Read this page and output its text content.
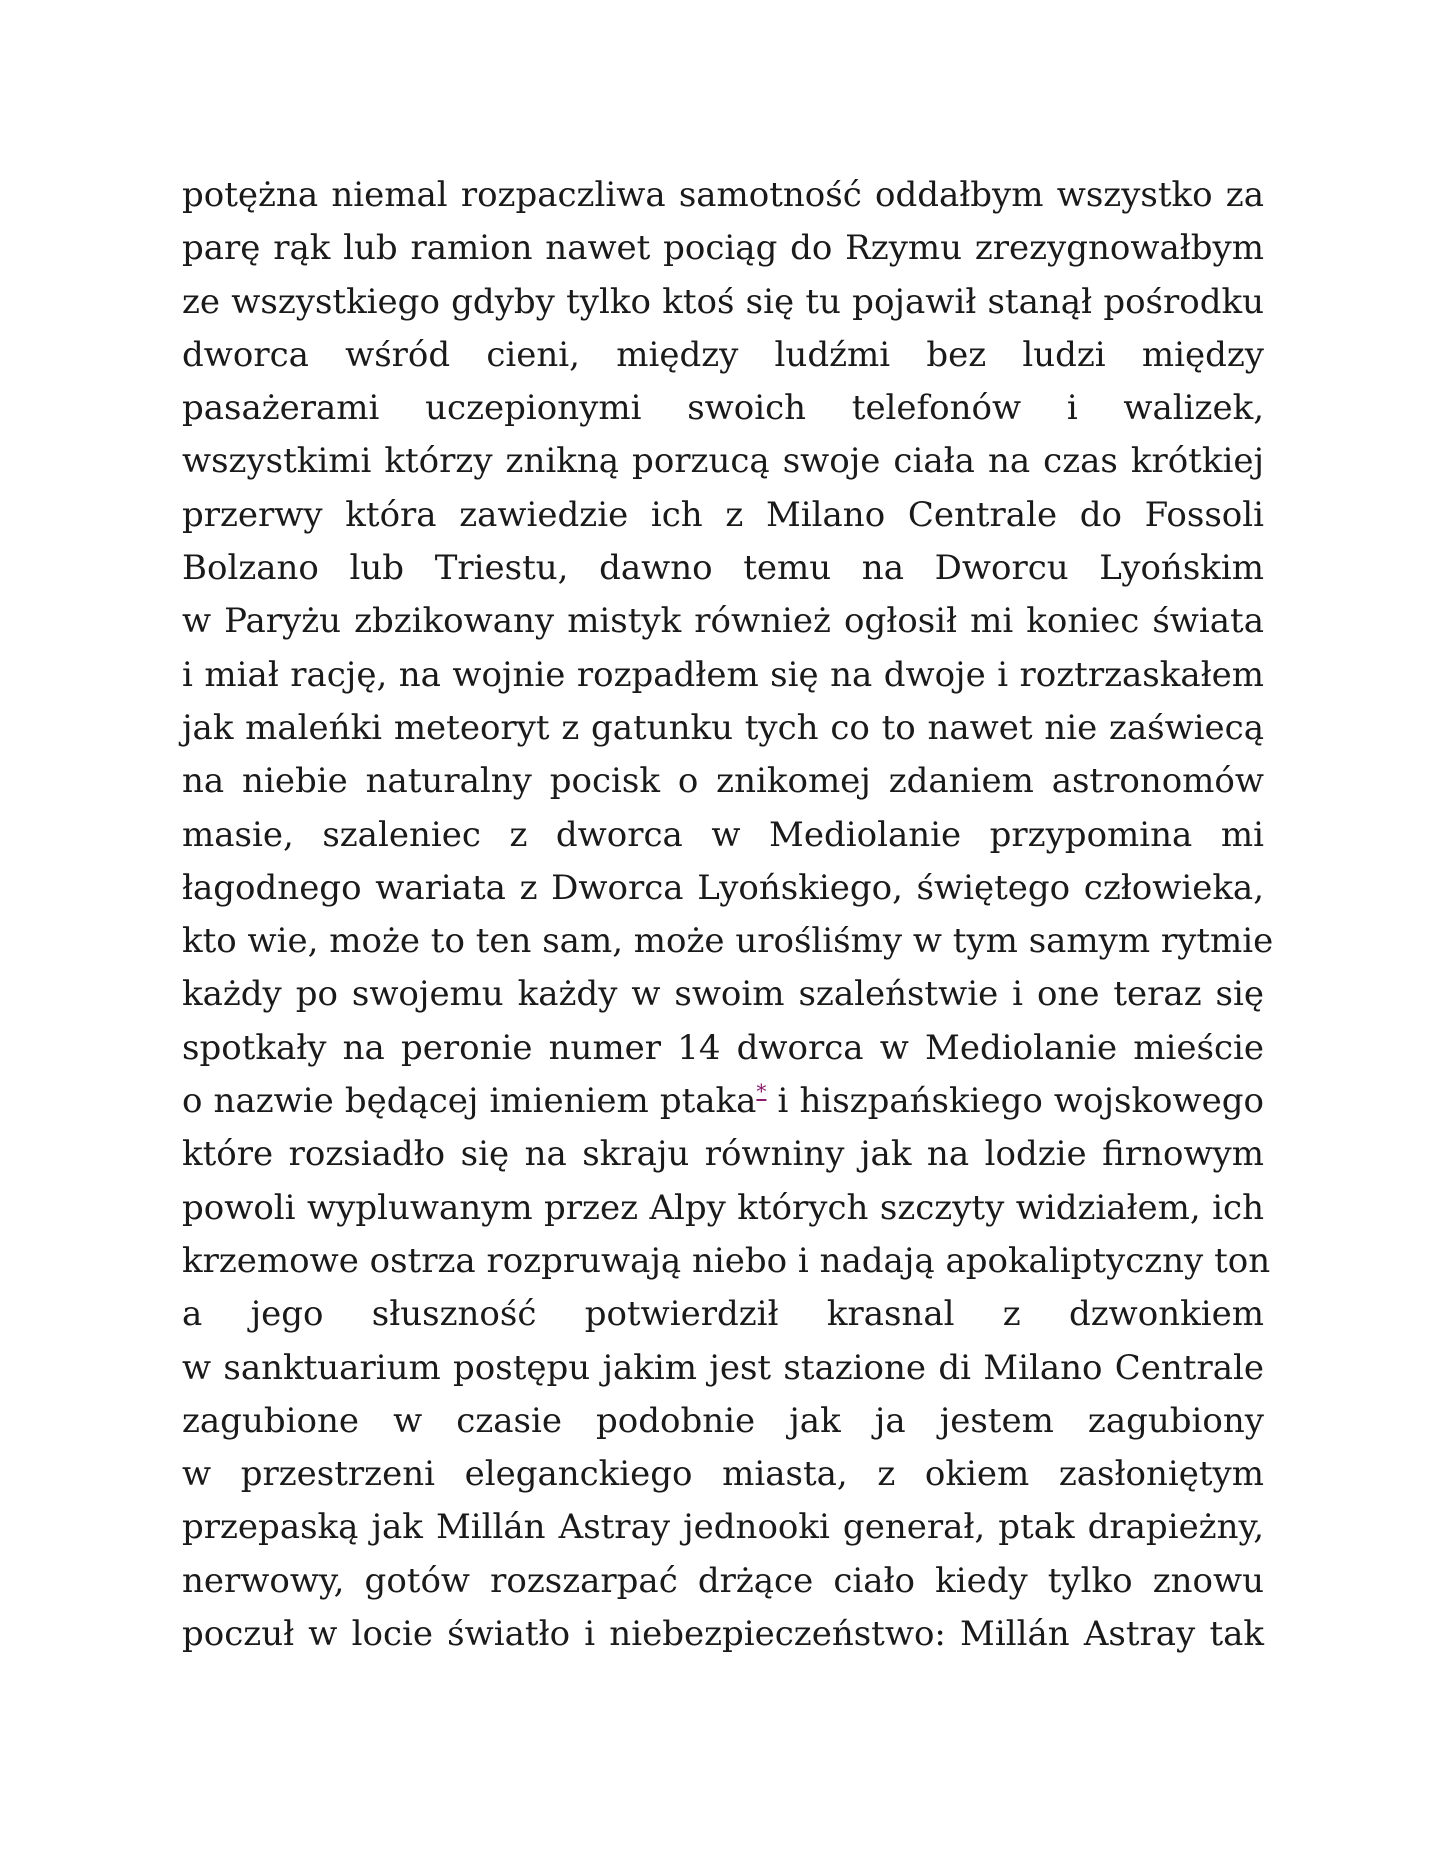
potężna niemal rozpaczliwa samotność oddałbym wszystko za
parę rąk lub ramion nawet pociąg do Rzymu zrezygnowałbym
ze wszystkiego gdyby tylko ktoś się tu pojawił stanął pośrodku
dworca wśród cieni, między ludźmi bez ludzi między
pasażerami uczepionymi swoich telefonów i walizek,
wszystkimi którzy znikną porzucą swoje ciała na czas krótkiej
przerwy która zawiedzie ich z Milano Centrale do Fossoli
Bolzano lub Triestu, dawno temu na Dworcu Lyońskim
w Paryżu zbzikowany mistyk również ogłosił mi koniec świata
i miał rację, na wojnie rozpadłem się na dwoje i roztrzaskałem
jak maleńki meteoryt z gatunku tych co to nawet nie zaświecą
na niebie naturalny pocisk o znikomej zdaniem astronomów
masie, szaleniec z dworca w Mediolanie przypomina mi
łagodnego wariata z Dworca Lyońskiego, świętego człowieka,
kto wie, może to ten sam, może urośliśmy w tym samym rytmie
każdy po swojemu każdy w swoim szaleństwie i one teraz się
spotkały na peronie numer 14 dworca w Mediolanie mieście
o nazwie będącej imieniem ptaka* i hiszpańskiego wojskowego
które rozsiadło się na skraju równiny jak na lodzie firnowym
powoli wypluwanym przez Alpy których szczyty widziałem, ich
krzemowe ostrza rozpruwają niebo i nadają apokaliptyczny ton
a jego słuszność potwierdził krasnal z dzwonkiem
w sanktuarium postępu jakim jest stazione di Milano Centrale
zagubione w czasie podobnie jak ja jestem zagubiony
w przestrzeni eleganckiego miasta, z okiem zasłoniętym
przepaską jak Millán Astray jednooki generał, ptak drapieżny,
nerwowy, gotów rozszarpać drżące ciało kiedy tylko znowu
poczuł w locie światło i niebezpieczeństwo: Millán Astray tak
